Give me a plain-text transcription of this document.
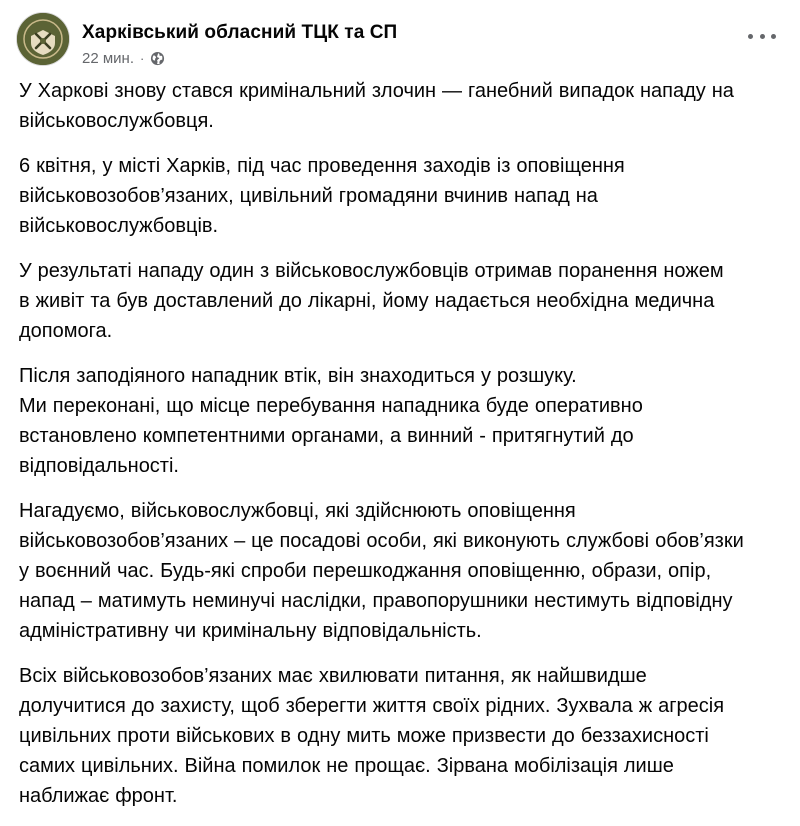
Харківський обласний ТЦК та СП
22 мин. ·

У Харкові знову стався кримінальний злочин — ганебний випадок нападу на
військовослужбовця.

6 квітня, у місті Харків, під час проведення заходів із оповіщення
військовозобов’язаних, цивільний громадяни вчинив напад на
військовослужбовців.

У результаті нападу один з військовослужбовців отримав поранення ножем
в живіт та був доставлений до лікарні, йому надається необхідна медична
допомога.

Після заподіяного нападник втік, він знаходиться у розшуку.
Ми переконані, що місце перебування нападника буде оперативно
встановлено компетентними органами, а винний - притягнутий до
відповідальності.

Нагадуємо, військовослужбовці, які здійснюють оповіщення
військовозобов’язаних – це посадові особи, які виконують службові обов’язки
у воєнний час. Будь-які спроби перешкоджання оповіщенню, образи, опір,
напад – матимуть неминучі наслідки, правопорушники нестимуть відповідну
адміністративну чи кримінальну відповідальність.

Всіх військовозобов’язаних має хвилювати питання, як найшвидше
долучитися до захисту, щоб зберегти життя своїх рідних. Зухвала ж агресія
цивільних проти військових в одну мить може призвести до беззахисності
самих цивільних. Війна помилок не прощає. Зірвана мобілізація лише
наближає фронт.
